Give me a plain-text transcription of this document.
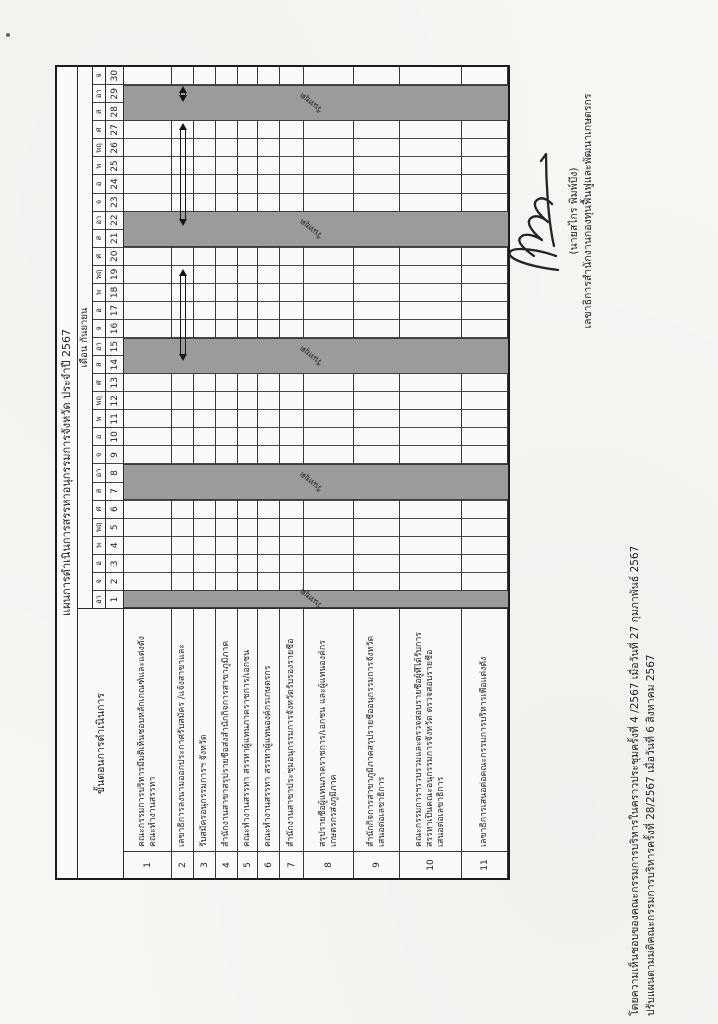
แผนการดำเนินการสรรหาอนุกรรมการจังหวัด ประจำปี 2567
ขั้นตอนการดำเนินการ
เดือน กันยายน
อา
จ
อ
พ
พฤ
ศ
ส
อา
จ
อ
พ
พฤ
ศ
ส
อา
จ
อ
พ
พฤ
ศ
ส
อา
จ
อ
พ
พฤ
ศ
ส
อา
จ
1
2
3
4
5
6
7
8
9
10
11
12
13
14
15
16
17
18
19
20
21
22
23
24
25
26
27
28
29
30
1
คณะกรรมการบริหารมีมติเห็นชอบหลักเกณฑ์และแต่งตั้ง คณะทำงานสรรหา
2
เลขาธิการลงนามออกประกาศรับสมัคร /แจ้งสาขาและ
3
รับสมัครอนุกรรมการฯ จังหวัด
4
สำนักงานสาขาสรุปรายชื่อส่งสำนักกิจการสาขาภูมิภาค
5
คณะทำงานสรรหา สรรหาผู้แทนภาคราชการ/เอกชน
6
คณะทำงานสรรหา สรรหาผู้แทนองค์กรเกษตรกร
7
สำนักงานสาขาประชุมอนุกรรมการจังหวัดรับรองรายชื่อ
8
สรุปรายชื่อผู้แทนภาคราชการ/เอกชน และผู้แทนองค์กร เกษตรกรส่งภูมิภาค
9
สำนักกิจการสาขาภูมิภาคสรุปรายชื่ออนุกรรมการจังหวัด เสนอต่อเลขาธิการ
10
คณะกรรมการฯรวบรวมและตรวจสอบรายชื่อผู้ที่ได้รับการ สรรหาเป็นคณะอนุกรรมการจังหวัด ตรวจสอบรายชื่อ เสนอต่อเลขาธิการ
11
เลขาธิการเสนอต่อคณะกรรมการบริหารเพื่อแต่งตั้ง
วันหยุด
วันหยุด
วันหยุด
วันหยุด
วันหยุด
(นายสไกร พิมพ์บึง) เลขาธิการสำนักงานกองทุนฟื้นฟูและพัฒนาเกษตรกร
โดยความเห็นชอบของคณะกรรมการบริหารในคราวประชุมครั้งที่ 4 /2567 เมื่อวันที่ 27 กุมภาพันธ์ 2567 ปรับแผนตามมติคณะกรรมการบริหารครั้งที่ 28/2567 เมื่อวันที่ 6 สิงหาคม 2567
